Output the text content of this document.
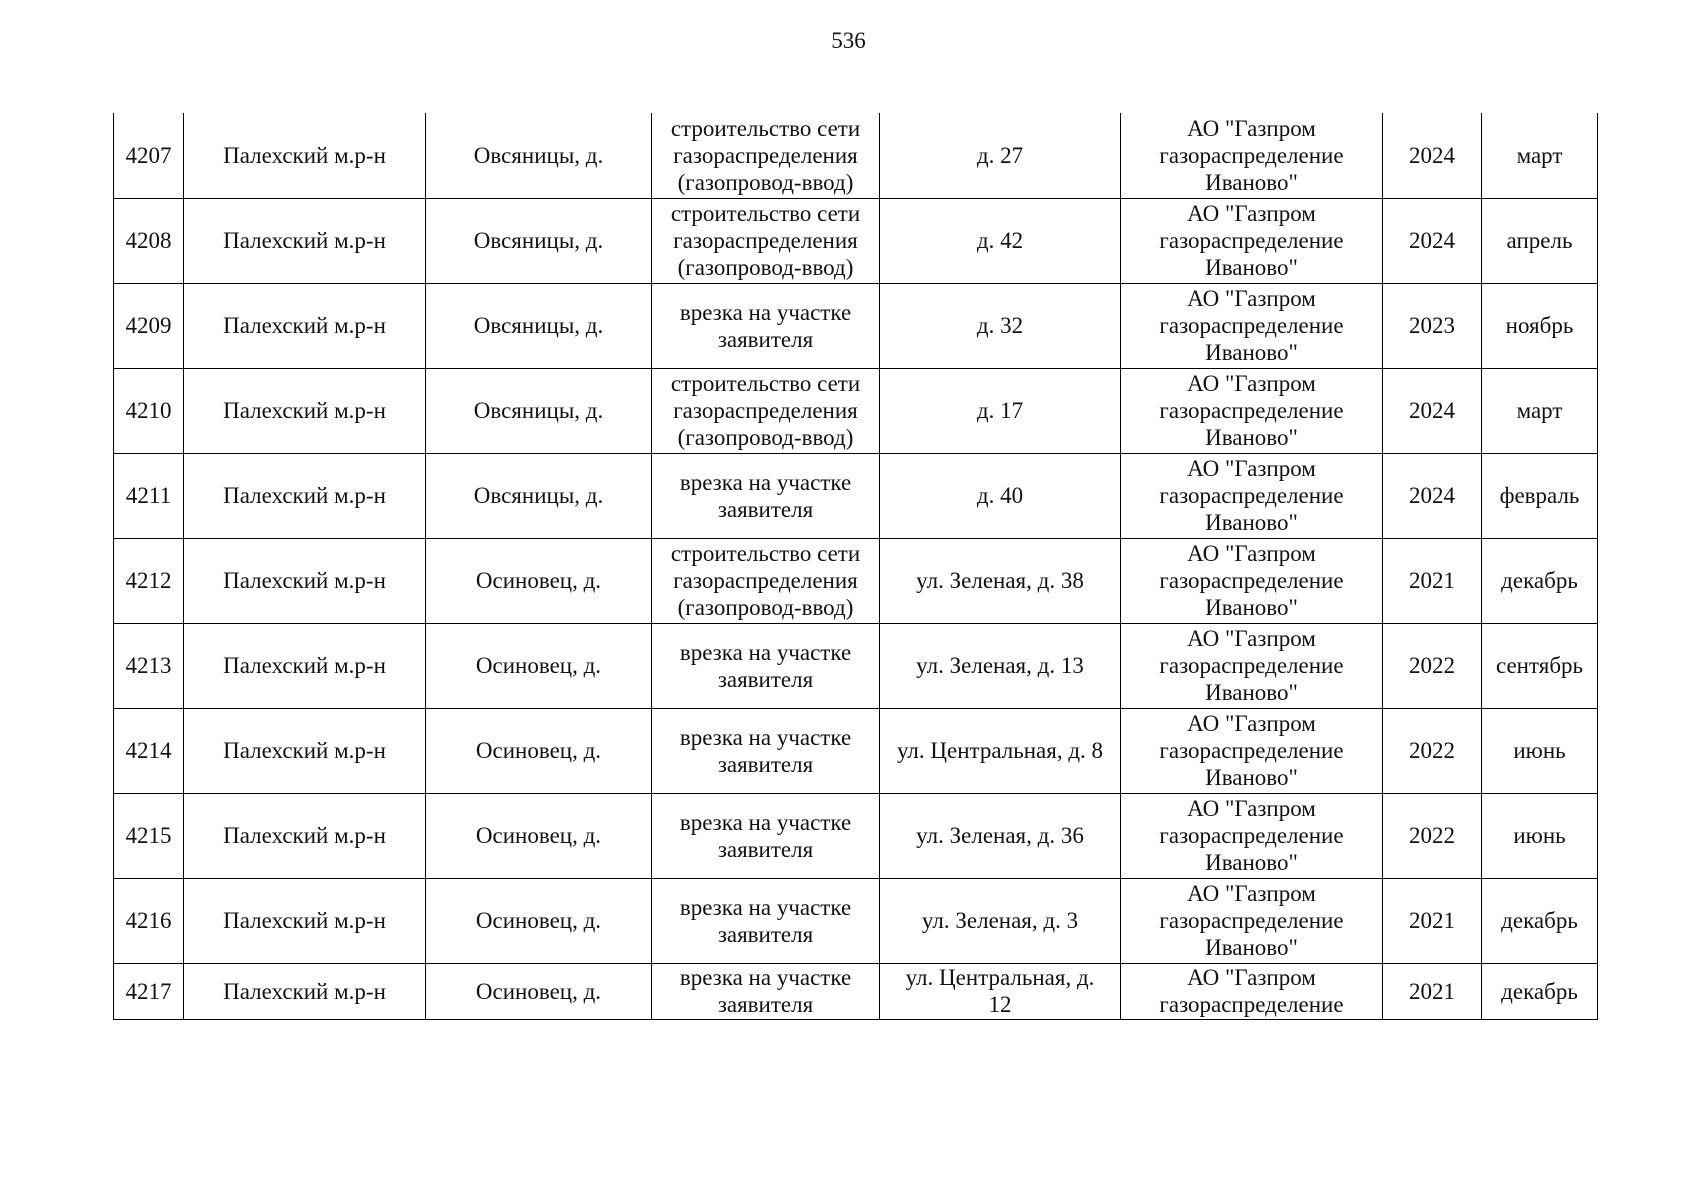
536
4207	Палехский м.р-н	Овсяницы, д.	строительство сети
газораспределения
(газопровод-ввод)	д. 27	АО "Газпром
газораспределение
Иваново"	2024	март
4208	Палехский м.р-н	Овсяницы, д.	строительство сети
газораспределения
(газопровод-ввод)	д. 42	АО "Газпром
газораспределение
Иваново"	2024	апрель
4209	Палехский м.р-н	Овсяницы, д.	врезка на участке
заявителя	д. 32	АО "Газпром
газораспределение
Иваново"	2023	ноябрь
4210	Палехский м.р-н	Овсяницы, д.	строительство сети
газораспределения
(газопровод-ввод)	д. 17	АО "Газпром
газораспределение
Иваново"	2024	март
4211	Палехский м.р-н	Овсяницы, д.	врезка на участке
заявителя	д. 40	АО "Газпром
газораспределение
Иваново"	2024	февраль
4212	Палехский м.р-н	Осиновец, д.	строительство сети
газораспределения
(газопровод-ввод)	ул. Зеленая, д. 38	АО "Газпром
газораспределение
Иваново"	2021	декабрь
4213	Палехский м.р-н	Осиновец, д.	врезка на участке
заявителя	ул. Зеленая, д. 13	АО "Газпром
газораспределение
Иваново"	2022	сентябрь
4214	Палехский м.р-н	Осиновец, д.	врезка на участке
заявителя	ул. Центральная, д. 8	АО "Газпром
газораспределение
Иваново"	2022	июнь
4215	Палехский м.р-н	Осиновец, д.	врезка на участке
заявителя	ул. Зеленая, д. 36	АО "Газпром
газораспределение
Иваново"	2022	июнь
4216	Палехский м.р-н	Осиновец, д.	врезка на участке
заявителя	ул. Зеленая, д. 3	АО "Газпром
газораспределение
Иваново"	2021	декабрь
4217	Палехский м.р-н	Осиновец, д.	врезка на участке
заявителя	ул. Центральная, д.
12	АО "Газпром
газораспределение	2021	декабрь
